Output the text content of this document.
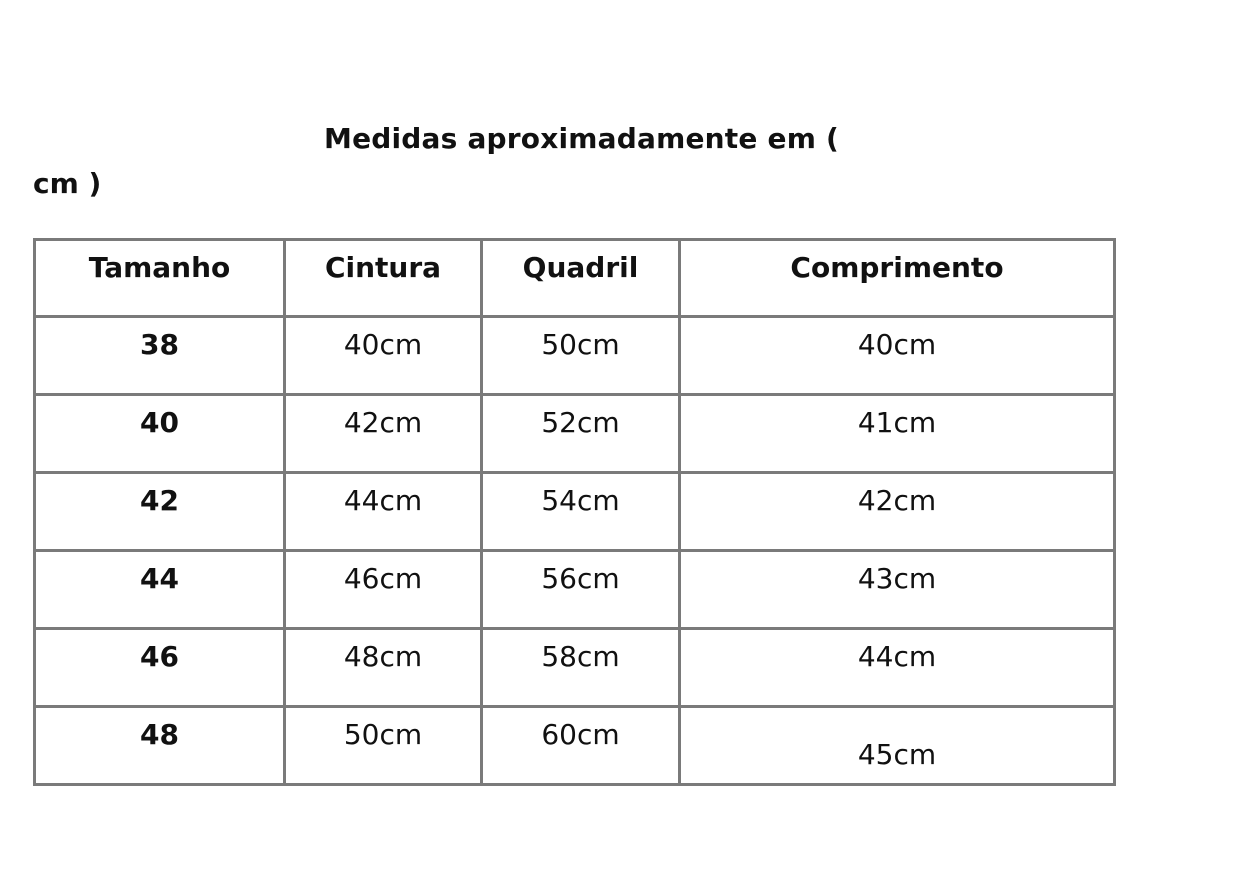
Medidas aproximadamente em (
cm )
Tamanho	Cintura	Quadril	Comprimento
38	40cm	50cm	40cm
40	42cm	52cm	41cm
42	44cm	54cm	42cm
44	46cm	56cm	43cm
46	48cm	58cm	44cm
48	50cm	60cm	45cm
